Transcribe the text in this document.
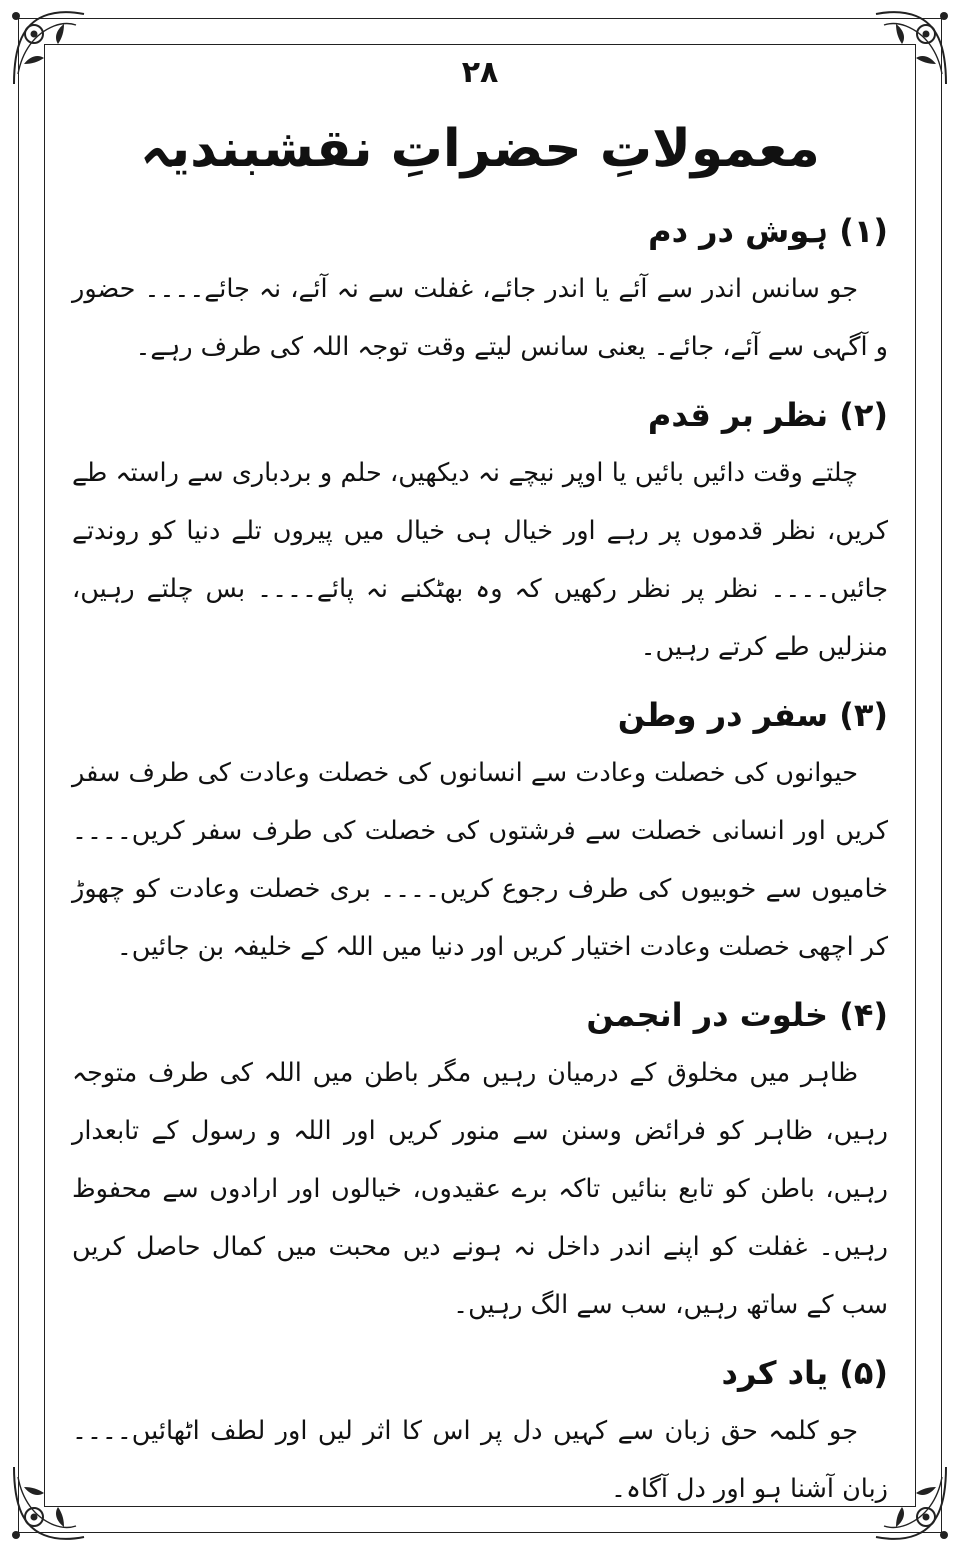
۲۸

معمولاتِ حضراتِ نقشبندیہ
(۱) ہوش در دم

جو سانس اندر سے آئے یا اندر جائے، غفلت سے نہ آئے، نہ جائے۔۔۔۔ حضور و آگہی سے آئے، جائے۔ یعنی سانس لیتے وقت توجہ اللہ کی طرف رہے۔

(۲) نظر بر قدم

چلتے وقت دائیں بائیں یا اوپر نیچے نہ دیکھیں، حلم و بردباری سے راستہ طے کریں، نظر قدموں پر رہے اور خیال ہی خیال میں پیروں تلے دنیا کو روندتے جائیں۔۔۔۔ نظر پر نظر رکھیں کہ وہ بھٹکنے نہ پائے۔۔۔۔ بس چلتے رہیں، منزلیں طے کرتے رہیں۔

(۳) سفر در وطن

حیوانوں کی خصلت وعادت سے انسانوں کی خصلت وعادت کی طرف سفر کریں اور انسانی خصلت سے فرشتوں کی خصلت کی طرف سفر کریں۔۔۔۔ خامیوں سے خوبیوں کی طرف رجوع کریں۔۔۔۔ بری خصلت وعادت کو چھوڑ کر اچھی خصلت وعادت اختیار کریں اور دنیا میں اللہ کے خلیفہ بن جائیں۔

(۴) خلوت در انجمن

ظاہر میں مخلوق کے درمیان رہیں مگر باطن میں اللہ کی طرف متوجہ رہیں، ظاہر کو فرائض وسنن سے منور کریں اور اللہ و رسول کے تابعدار رہیں، باطن کو تابع بنائیں تاکہ برے عقیدوں، خیالوں اور ارادوں سے محفوظ رہیں۔ غفلت کو اپنے اندر داخل نہ ہونے دیں محبت میں کمال حاصل کریں سب کے ساتھ رہیں، سب سے الگ رہیں۔

(۵) یاد کرد

جو کلمہ حق زبان سے کہیں دل پر اس کا اثر لیں اور لطف اٹھائیں۔۔۔۔ زبان آشنا ہو اور دل آگاہ۔
